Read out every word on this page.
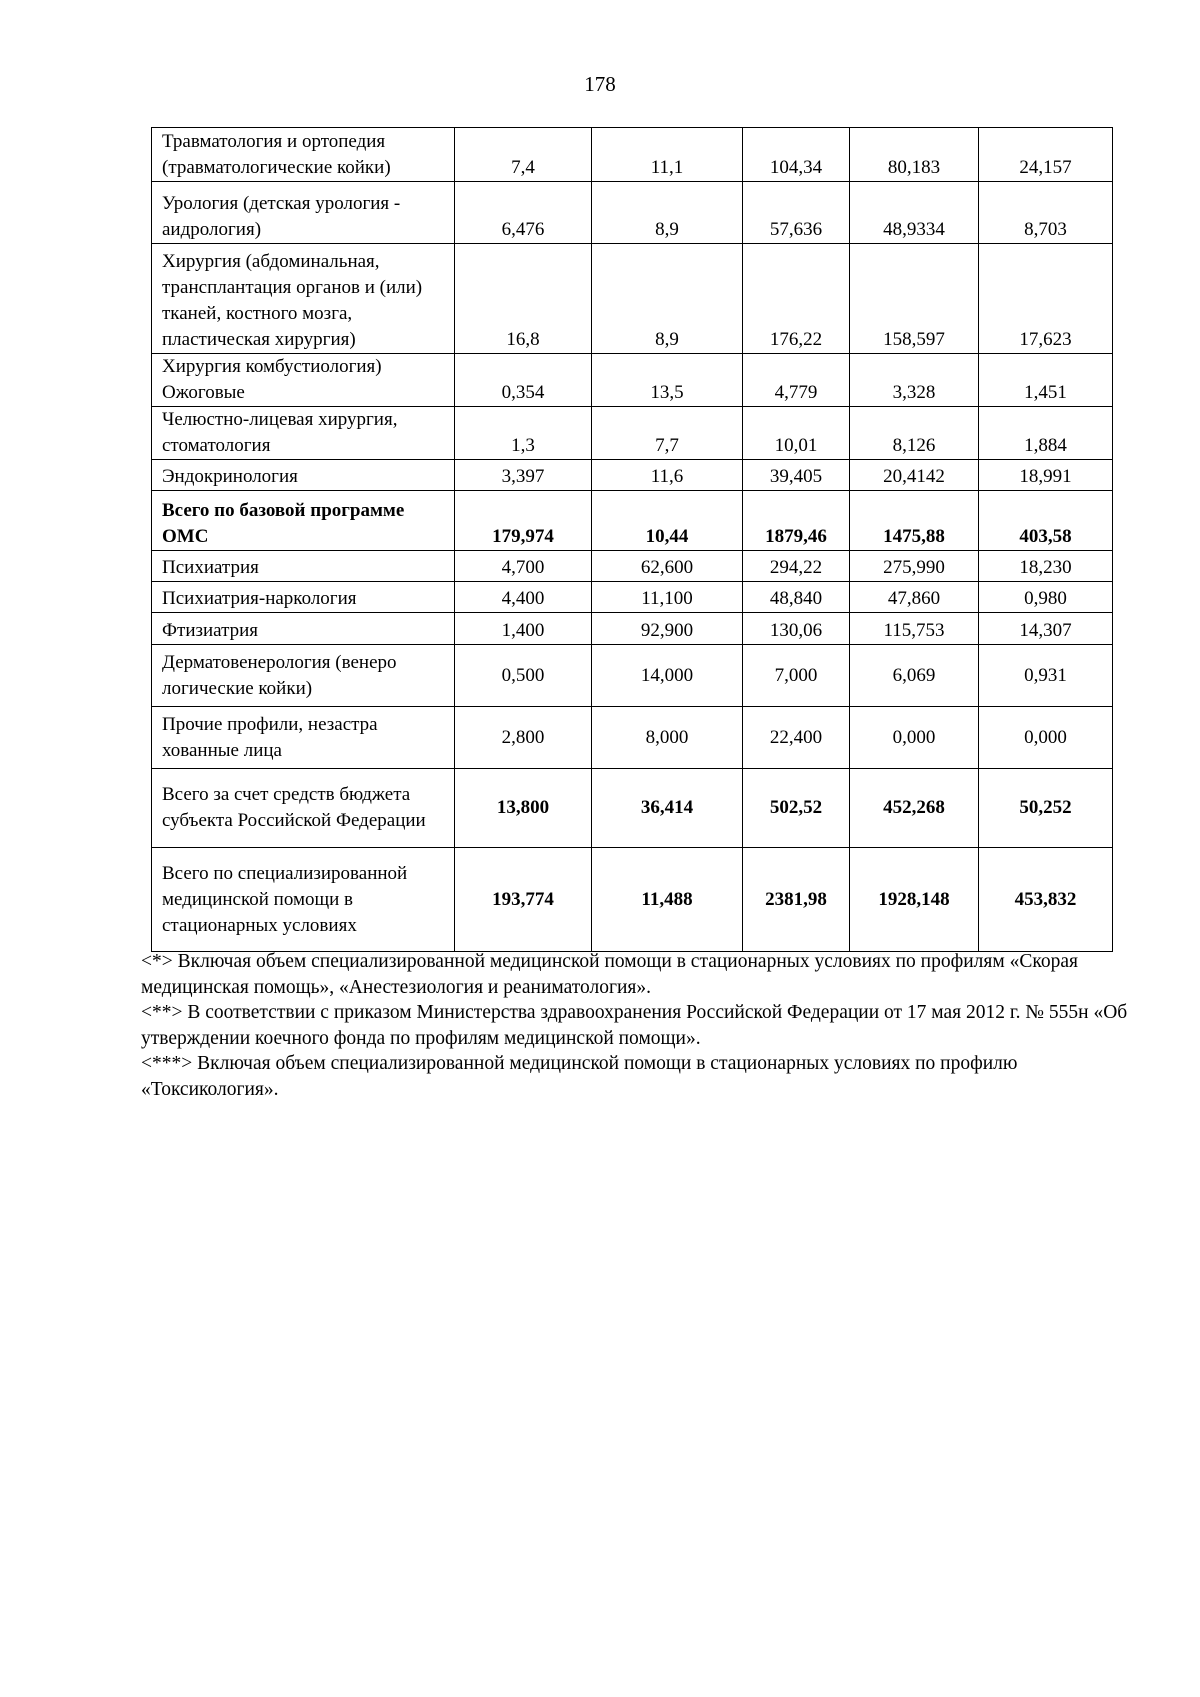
178
Травматология и ортопедия (травматологические койки)	7,4	11,1	104,34	80,183	24,157
Урология (детская урология - аидрология)	6,476	8,9	57,636	48,9334	8,703
Хирургия (абдоминальная, трансплантация органов и (или) тканей, костного мозга, пластическая хирургия)	16,8	8,9	176,22	158,597	17,623
Хирургия комбустиология) Ожоговые	0,354	13,5	4,779	3,328	1,451
Челюстно-лицевая хирургия, стоматология	1,3	7,7	10,01	8,126	1,884
Эндокринология	3,397	11,6	39,405	20,4142	18,991
Всего по базовой программе ОМС	179,974	10,44	1879,46	1475,88	403,58
Психиатрия	4,700	62,600	294,22	275,990	18,230
Психиатрия-наркология	4,400	11,100	48,840	47,860	0,980
Фтизиатрия	1,400	92,900	130,06	115,753	14,307
Дерматовенерология (венеро логические койки)	0,500	14,000	7,000	6,069	0,931
Прочие профили, незастра хованные лица	2,800	8,000	22,400	0,000	0,000
Всего за счет средств бюджета субъекта Российской Федерации	13,800	36,414	502,52	452,268	50,252
Всего по специализированной медицинской помощи в стационарных условиях	193,774	11,488	2381,98	1928,148	453,832

<*> Включая объем специализированной медицинской помощи в стационарных условиях по профилям «Скорая медицинская помощь», «Анестезиология и реаниматология».

<**> В соответствии с приказом Министерства здравоохранения Российской Федерации от 17 мая 2012 г. № 555н «Об утверждении коечного фонда по профилям медицинской помощи».

<***> Включая объем специализированной медицинской помощи в стационарных условиях по профилю «Токсикология».
